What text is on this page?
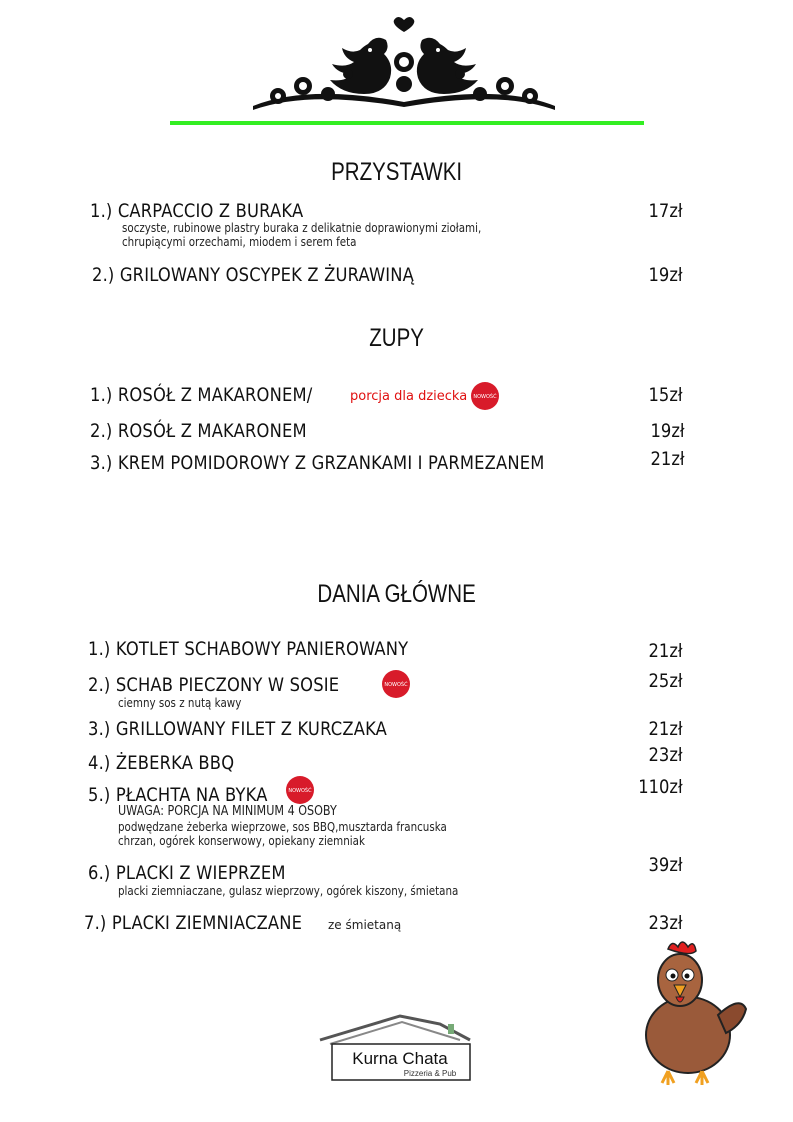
PRZYSTAWKI
1.) CARPACCIO Z BURAKA
soczyste, rubinowe plastry buraka z delikatnie doprawionymi ziołami,
chrupiącymi orzechami, miodem i serem feta
17zł
2.) GRILOWANY OSCYPEK Z ŻURAWINĄ	19zł
ZUPY
1.) ROSÓŁ Z MAKARONEM/	porcja dla dziecka	15zł
NOWOŚĆ
2.) ROSÓŁ Z MAKARONEM	19zł
3.) KREM POMIDOROWY Z GRZANKAMI I PARMEZANEM	21zł
DANIA GŁÓWNE
1.) KOTLET SCHABOWY PANIEROWANY	21zł
2.) SCHAB PIECZONY W SOSIE
ciemny sos z nutą kawy
25zł
NOWOŚĆ
3.) GRILLOWANY FILET Z KURCZAKA	21zł
4.) ŻEBERKA BBQ	23zł
5.) PŁACHTA NA BYKA
UWAGA: PORCJA NA MINIMUM 4 OSOBY
podwędzane żeberka wieprzowe, sos BBQ,musztarda francuska
chrzan, ogórek konserwowy, opiekany ziemniak
110zł
NOWOŚĆ
6.) PLACKI Z WIEPRZEM
placki ziemniaczane, gulasz wieprzowy, ogórek kiszony, śmietana
39zł
7.) PLACKI ZIEMNIACZANE ze śmietaną	23zł
Kurna Chata
Pizzeria & Pub
